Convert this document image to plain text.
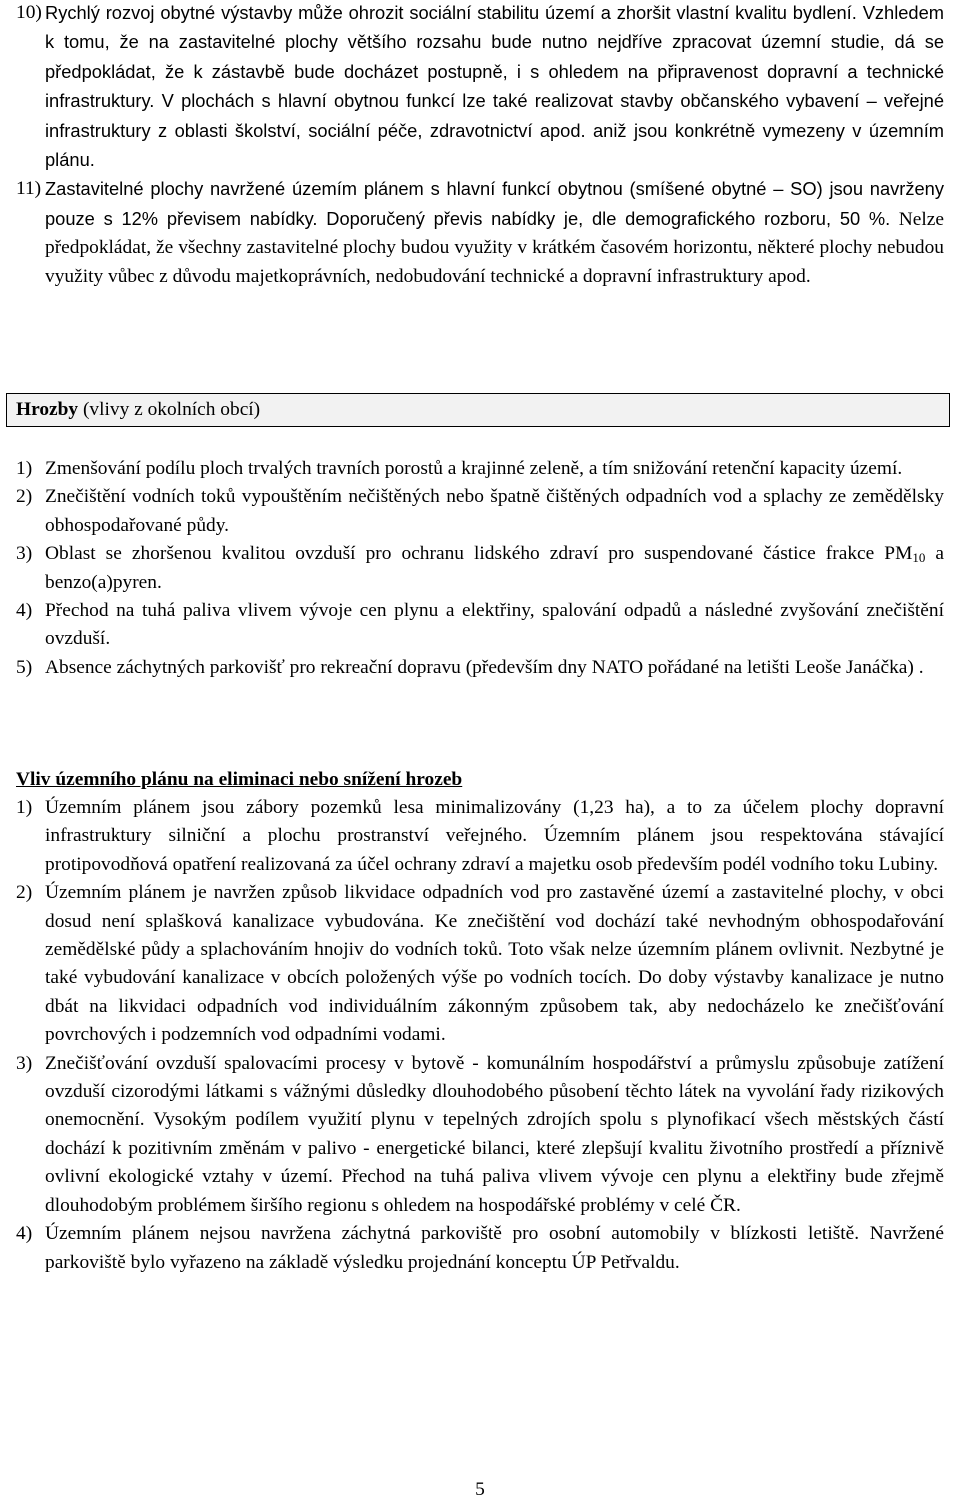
10) Rychlý rozvoj obytné výstavby může ohrozit sociální stabilitu území a zhoršit vlastní kvalitu bydlení. Vzhledem k tomu, že na zastavitelné plochy většího rozsahu bude nutno nejdříve zpracovat územní studie, dá se předpokládat, že k zástavbě bude docházet postupně, i s ohledem na připravenost dopravní a technické infrastruktury. V plochách s hlavní obytnou funkcí lze také realizovat stavby občanského vybavení – veřejné infrastruktury z oblasti školství, sociální péče, zdravotnictví apod. aniž jsou konkrétně vymezeny v územním plánu.
11) Zastavitelné plochy navržené územím plánem s hlavní funkcí obytnou (smíšené obytné – SO) jsou navrženy pouze s 12% převisem nabídky. Doporučený převis nabídky je, dle demografického rozboru, 50 %. Nelze předpokládat, že všechny zastavitelné plochy budou využity v krátkém časovém horizontu, některé plochy nebudou využity vůbec z důvodu majetkoprávních, nedobudování technické a dopravní infrastruktury apod.
Hrozby (vlivy z okolních obcí)
1) Zmenšování podílu ploch trvalých travních porostů a krajinné zeleně, a tím snižování retenční kapacity území.
2) Znečištění vodních toků vypouštěním nečištěných nebo špatně čištěných odpadních vod a splachy ze zemědělsky obhospodařované půdy.
3) Oblast se zhoršenou kvalitou ovzduší pro ochranu lidského zdraví pro suspendované částice frakce $PM_{10}$ a benzo(a)pyren.
4) Přechod na tuhá paliva vlivem vývoje cen plynu a elektřiny, spalování odpadů a následné zvyšování znečištění ovzduší.
5) Absence záchytných parkovišť pro rekreační dopravu (především dny NATO pořádané na letišti Leoše Janáčka) .
Vliv územního plánu na eliminaci nebo snížení hrozeb
1) Územním plánem jsou zábory pozemků lesa minimalizovány (1,23 ha), a to za účelem plochy dopravní infrastruktury silniční a plochu prostranství veřejného. Územním plánem jsou respektována stávající protipovodňová opatření realizovaná za účel ochrany zdraví a majetku osob především podél vodního toku Lubiny.
2) Územním plánem je navržen způsob likvidace odpadních vod pro zastavěné území a zastavitelné plochy, v obci dosud není splašková kanalizace vybudována. Ke znečištění vod dochází také nevhodným obhospodařování zemědělské půdy a splachováním hnojiv do vodních toků. Toto však nelze územním plánem ovlivnit. Nezbytné je také vybudování kanalizace v obcích položených výše po vodních tocích. Do doby výstavby kanalizace je nutno dbát na likvidaci odpadních vod individuálním zákonným způsobem tak, aby nedocházelo ke znečišťování povrchových i podzemních vod odpadními vodami.
3) Znečišťování ovzduší spalovacími procesy v bytově - komunálním hospodářství a průmyslu způsobuje zatížení ovzduší cizorodými látkami s vážnými důsledky dlouhodobého působení těchto látek na vyvolání řady rizikových onemocnění. Vysokým podílem využití plynu v tepelných zdrojích spolu s plynofikací všech městských částí dochází k pozitivním změnám v palivo - energetické bilanci, které zlepšují kvalitu životního prostředí a příznivě ovlivní ekologické vztahy v území. Přechod na tuhá paliva vlivem vývoje cen plynu a elektřiny bude zřejmě dlouhodobým problémem širšího regionu s ohledem na hospodářské problémy v celé ČR.
4) Územním plánem nejsou navržena záchytná parkoviště pro osobní automobily v blízkosti letiště. Navržené parkoviště bylo vyřazeno na základě výsledku projednání konceptu ÚP Petřvaldu.
5
